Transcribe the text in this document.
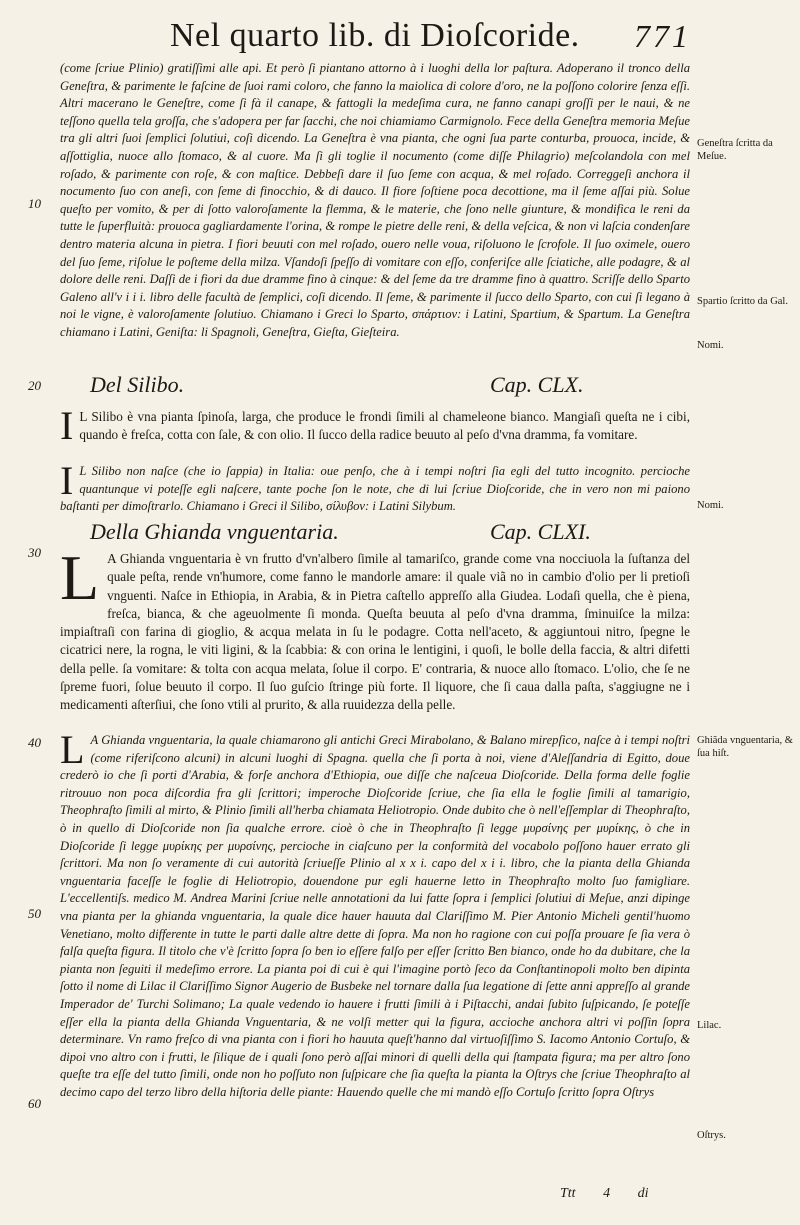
Nel quarto lib. di Dioſcoride.	771
10
20
30
40
50
60
Geneſtra ſcritta da Meſue.
Spartio ſcritto da Gal.
Nomi.
Nomi.
Ghiãda vnguentaria, & ſua hiſt.
Lilac.
Oſtrys.

(come ſcriue Plinio) gratiſſimi alle api. Et però ſi piantano attorno à i luoghi della lor paſtura. Adoperano il tronco della Geneſtra, & parimente le faſcine de ſuoi rami coloro, che fanno la maiolica di colore d'oro, ne la poſſono colorire ſenza eſſi. Altri macerano le Geneſtre, come ſi fà il canape, & fattogli la medeſima cura, ne fanno canapi groſſi per le naui, & ne teſſono quella tela groſſa, che s'adopera per far ſacchi, che noi chiamiamo Carmignolo. Fece della Geneſtra memoria Meſue tra gli altri ſuoi ſemplici ſolutiui, coſi dicendo. La Geneſtra è vna pianta, che ogni ſua parte conturba, prouoca, incide, & aſſottiglia, nuoce allo ſtomaco, & al cuore. Ma ſi gli toglie il nocumento (come diſſe Philagrio) meſcolandola con mel roſado, & parimente con roſe, & con maſtice. Debbeſi dare il ſuo ſeme con acqua, & mel roſado. Correggeſi anchora il nocumento ſuo con aneſi, con ſeme di finocchio, & di dauco. Il fiore ſoſtiene poca decottione, ma il ſeme aſſai più. Solue queſto per vomito, & per di ſotto valoroſamente la flemma, & le materie, che ſono nelle giunture, & mondifica le reni da tutte le ſuperfluità: prouoca gagliardamente l'orina, & rompe le pietre delle reni, & della veſcica, & non vi laſcia condenſare dentro materia alcuna in pietra. I fiori beuuti con mel roſado, ouero nelle voua, riſoluono le ſcrofole. Il ſuo oximele, ouero del ſuo ſeme, riſolue le poſteme della milza. Vſandoſi ſpeſſo di vomitare con eſſo, conferiſce alle ſciatiche, alle podagre, & al dolore delle reni. Daſſi de i fiori da due dramme fino à cinque: & del ſeme da tre dramme fino à quattro. Scriſſe dello Sparto Galeno all'v i i i. libro delle facultà de ſemplici, coſi dicendo. Il ſeme, & parimente il ſucco dello Sparto, con cui ſi legano à noi le vigne, è valoroſamente ſolutiuo. Chiamano i Greci lo Sparto, σπάρτιον: i Latini, Spartium, & Spartum. La Geneſtra chiamano i Latini, Geniſta: li Spagnoli, Geneſtra, Gieſta, Gieſteira.

Del Silibo.	Cap. CLX.

I L Silibo è vna pianta ſpinoſa, larga, che produce le frondi ſimili al chameleone bianco. Mangiaſi queſta ne i cibi, quando è freſca, cotta con ſale, & con olio. Il ſucco della radice beuuto al peſo d'vna dramma, fa vomitare.

I L Silibo non naſce (che io ſappia) in Italia: oue penſo, che à i tempi noſtri ſia egli del tutto incognito. percioche quantunque vi poteſſe egli naſcere, tante poche ſon le note, che di lui ſcriue Dioſcoride, che in vero non mi paiono baſtanti per dimoſtrarlo. Chiamano i Greci il Silibo, σίλυβον: i Latini Silybum.

Della Ghianda vnguentaria.	Cap. CLXI.

L A Ghianda vnguentaria è vn frutto d'vn'albero ſimile al tamariſco, grande come vna nocciuola la ſuſtanza del quale peſta, rende vn'humore, come fanno le mandorle amare: il quale viã no in cambio d'olio per li pretioſi vnguenti. Naſce in Ethiopia, in Arabia, & in Pietra caſtello appreſſo alla Giudea. Lodaſi quella, che è piena, freſca, bianca, & che ageuolmente ſi monda. Queſta beuuta al peſo d'vna dramma, ſminuiſce la milza: impiaſtraſi con farina di gioglio, & acqua melata in ſu le podagre. Cotta nell'aceto, & aggiuntoui nitro, ſpegne le cicatrici nere, la rogna, le viti ligini, & la ſcabbia: & con orina le lentigini, i quoſi, le bolle della faccia, & altri difetti della pelle. ſa vomitare: & tolta con acqua melata, ſolue il corpo. E' contraria, & nuoce allo ſtomaco. L'olio, che ſe ne ſpreme fuori, ſolue beuuto il corpo. Il ſuo guſcio ſtringe più forte. Il liquore, che ſi caua dalla paſta, s'aggiugne ne i medicamenti aſterſiui, che ſono vtili al prurito, & alla ruuidezza della pelle.

L A Ghianda vnguentaria, la quale chiamarono gli antichi Greci Mirabolano, & Balano mirepſico, naſce à i tempi noſtri (come riferiſcono alcuni) in alcuni luoghi di Spagna. quella che ſi porta à noi, viene d'Aleſſandria di Egitto, doue crederò io che ſi porti d'Arabia, & forſe anchora d'Ethiopia, oue diſſe che naſceua Dioſcoride. Della forma delle foglie ritrouuo non poca diſcordia fra gli ſcrittori; imperoche Dioſcoride ſcriue, che ſia ella le foglie ſimili al tamarigio, Theophraſto ſimili al mirto, & Plinio ſimili all'herba chiamata Heliotropio. Onde dubito che ò nell'eſſemplar di Theophraſto, ò in quello di Dioſcoride non ſia qualche errore. cioè ò che in Theophraſto ſi legge μυρσίνης per μυρίκης, ò che in Dioſcoride ſi legge μυρίκης per μυρσίνης, percioche in ciaſcuno per la conformità del vocabolo poſſono hauer errato gli ſcrittori. Ma non ſo veramente di cui autorità ſcriueſſe Plinio al x x i. capo del x i i. libro, che la pianta della Ghianda vnguentaria faceſſe le foglie di Heliotropio, douendone pur egli hauerne letto in Theophraſto molto ſuo famigliare. L'eccellentiſs. medico M. Andrea Marini ſcriue nelle annotationi da lui fatte ſopra i ſemplici ſolutiui di Meſue, anzi dipinge vna pianta per la ghianda vnguentaria, la quale dice hauer hauuta dal Clariſſimo M. Pier Antonio Micheli gentil'huomo Venetiano, molto differente in tutte le parti dalle altre dette di ſopra. Ma non ho ragione con cui poſſa prouare ſe ſia vera ò falſa queſta figura. Il titolo che v'è ſcritto ſopra ſo ben io eſſere falſo per eſſer ſcritto Ben bianco, onde ho da dubitare, che la pianta non ſeguiti il medeſimo errore. La pianta poi di cui è qui l'imagine portò ſeco da Conſtantinopoli molto ben dipinta ſotto il nome di Lilac il Clariſſimo Signor Augerio de Busbeke nel tornare dalla ſua legatione di ſette anni appreſſo al grande Imperador de' Turchi Solimano; La quale vedendo io hauere i frutti ſimili à i Piſtacchi, andai ſubito ſuſpicando, ſe poteſſe eſſer ella la pianta della Ghianda Vnguentaria, & ne volſi metter qui la figura, accioche anchora altri vi poſſin ſopra determinare. Vn ramo freſco di vna pianta con i fiori ho hauuta queſt'hanno dal virtuoſiſſimo S. Iacomo Antonio Cortuſo, & dipoi vno altro con i frutti, le ſilique de i quali ſono però aſſai minori di quelli della qui ſtampata figura; ma per altro ſono queſte tra eſſe del tutto ſimili, onde non ho poſſuto non ſuſpicare che ſia queſta la pianta la Oſtrys che ſcriue Theophraſto al decimo capo del terzo libro della hiſtoria delle piante: Hauendo quelle che mi mandò eſſo Cortuſo ſcritto ſopra Oſtrys

Ttt 4 di
